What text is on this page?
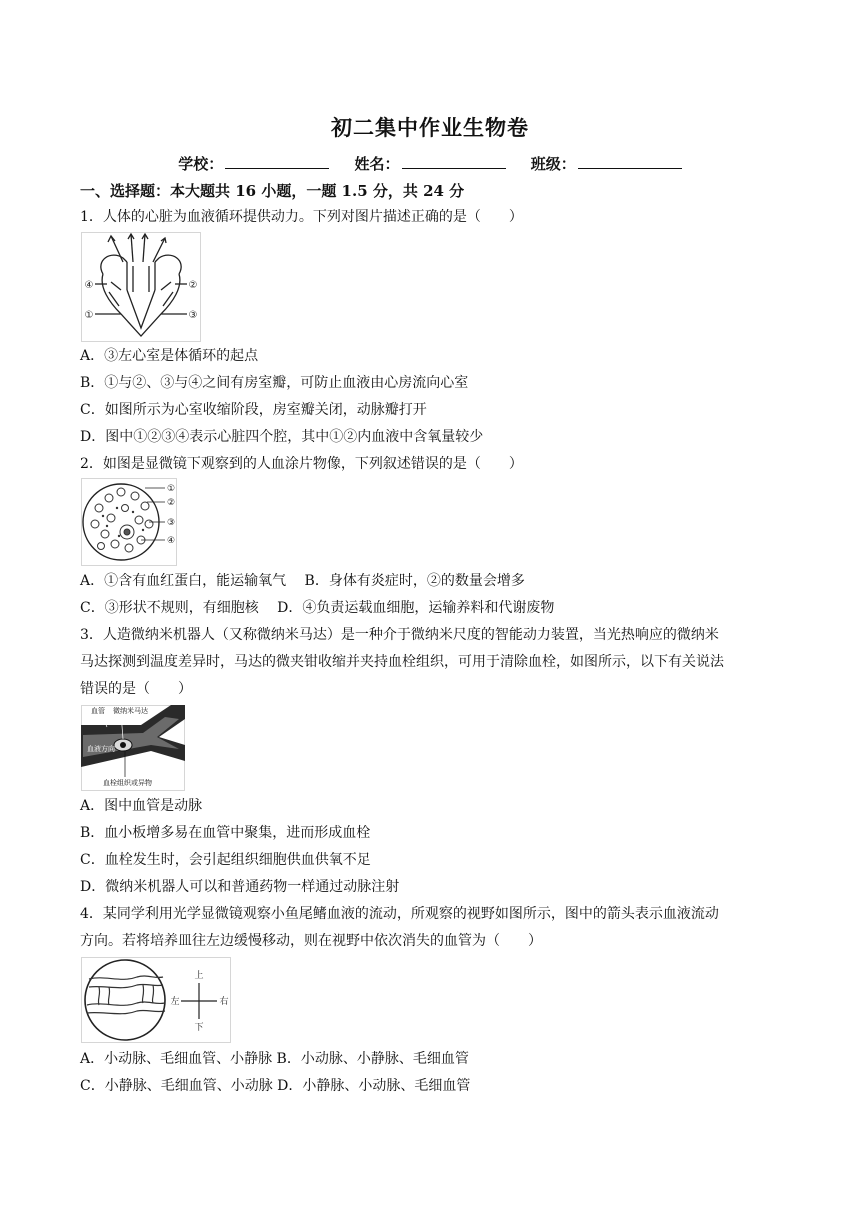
初二集中作业生物卷
学校：	姓名：	班级：
一、选择题：本大题共 16 小题，一题 1.5 分，共 24 分
1．人体的心脏为血液循环提供动力。下列对图片描述正确的是（　　）
④	②
①	③
A．③左心室是体循环的起点
B．①与②、③与④之间有房室瓣，可防止血液由心房流向心室
C．如图所示为心室收缩阶段，房室瓣关闭，动脉瓣打开
D．图中①②③④表示心脏四个腔，其中①②内血液中含氧量较少
2．如图是显微镜下观察到的人血涂片物像，下列叙述错误的是（　　）
①
②
③
④
A．①含有血红蛋白，能运输氧气　 B．身体有炎症时，②的数量会增多
C．③形状不规则，有细胞核　 D．④负责运载血细胞，运输养料和代谢废物
3．人造微纳米机器人（又称微纳米马达）是一种介于微纳米尺度的智能动力装置，当光热响应的微纳米
马达探测到温度差异时，马达的微夹钳收缩并夹持血栓组织，可用于清除血栓，如图所示，以下有关说法
错误的是（　　）
血管 微纳米马达
血液方向
血栓组织或异物
A．图中血管是动脉
B．血小板增多易在血管中聚集，进而形成血栓
C．血栓发生时，会引起组织细胞供血供氧不足
D．微纳米机器人可以和普通药物一样通过动脉注射
4．某同学利用光学显微镜观察小鱼尾鳍血液的流动，所观察的视野如图所示，图中的箭头表示血液流动
方向。若将培养皿往左边缓慢移动，则在视野中依次消失的血管为（　　）
上
下
左	右
A．小动脉、毛细血管、小静脉 B．小动脉、小静脉、毛细血管
C．小静脉、毛细血管、小动脉 D．小静脉、小动脉、毛细血管
